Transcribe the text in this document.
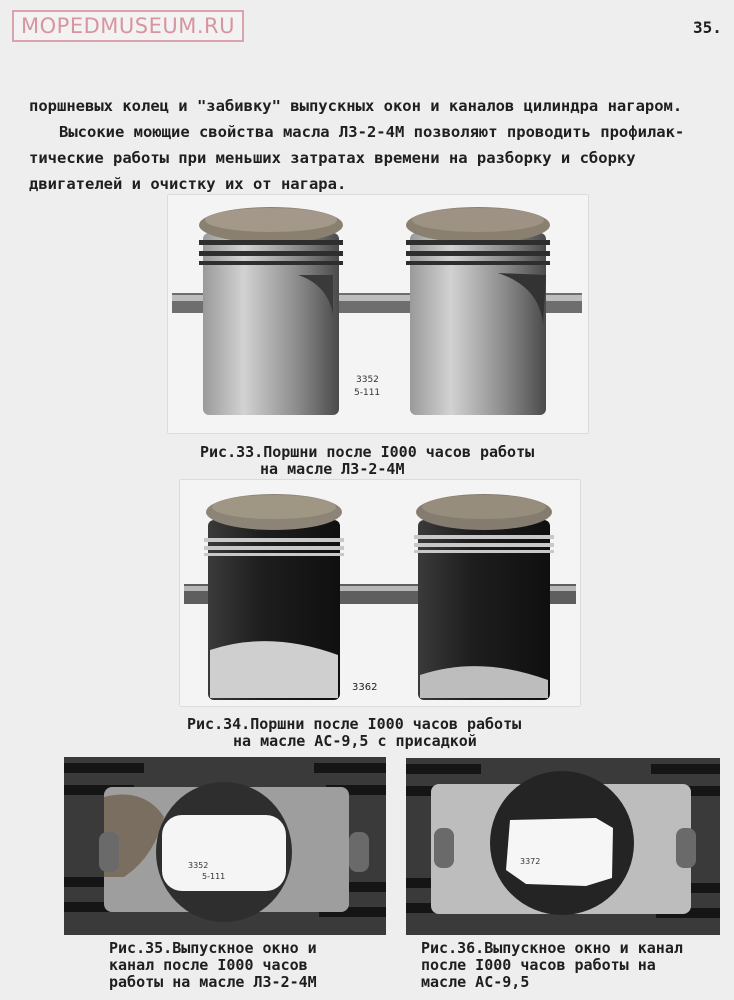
MOPEDMUSEUM.RU	35.

поршневых колец и "забивку" выпускных окон и каналов цилиндра нагаром.

Высокие моющие свойства масла ЛЗ-2-4М позволяют проводить профилак-

тические работы при меньших затратах времени на разборку и сборку

двигателей и очистку их от нагара.

3352
5-111
Рис.33.Поршни после I000 часов работы
на масле ЛЗ-2-4М
3362
Рис.34.Поршни после I000 часов работы
на масле АС-9,5 с присадкой
3352
5-111
Рис.35.Выпускное окно и
канал после I000 часов
работы на масле ЛЗ-2-4М
3372
Рис.36.Выпускное окно и канал
после I000 часов работы на
масле АС-9,5
